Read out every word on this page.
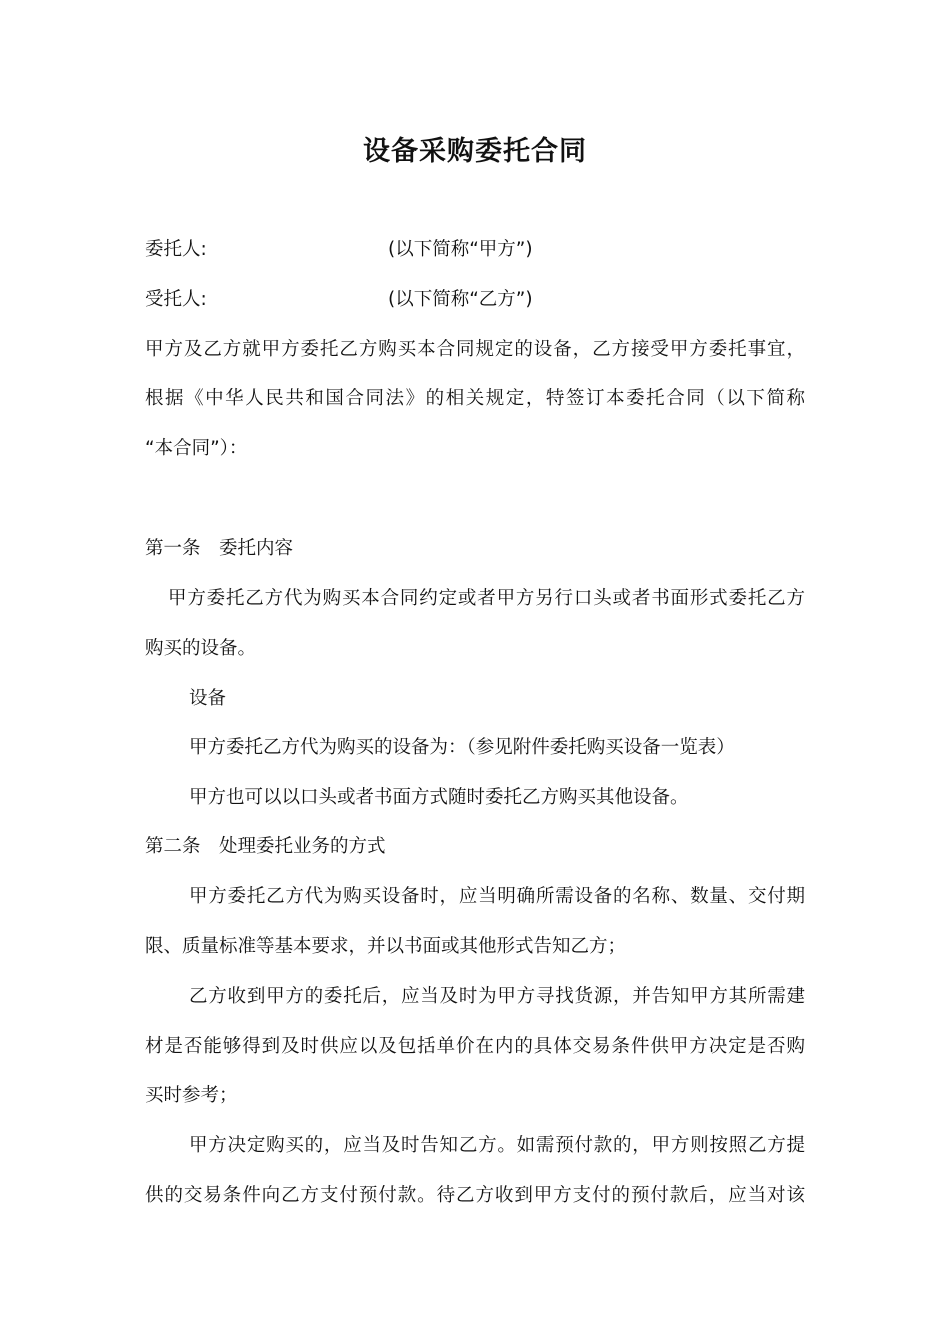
设备采购委托合同
委托人:	(以下简称“甲方”)
受托人:	(以下简称“乙方”)
甲方及乙方就甲方委托乙方购买本合同规定的设备，乙方接受甲方委托事宜，
根据《中华人民共和国合同法》的相关规定，特签订本委托合同（以下简称
“本合同”）：
第一条　委托内容
甲方委托乙方代为购买本合同约定或者甲方另行口头或者书面形式委托乙方
购买的设备。
设备
甲方委托乙方代为购买的设备为：（参见附件委托购买设备一览表）
甲方也可以以口头或者书面方式随时委托乙方购买其他设备。
第二条　处理委托业务的方式
甲方委托乙方代为购买设备时，应当明确所需设备的名称、数量、交付期
限、质量标准等基本要求，并以书面或其他形式告知乙方；
乙方收到甲方的委托后，应当及时为甲方寻找货源，并告知甲方其所需建
材是否能够得到及时供应以及包括单价在内的具体交易条件供甲方决定是否购
买时参考；
甲方决定购买的，应当及时告知乙方。如需预付款的，甲方则按照乙方提
供的交易条件向乙方支付预付款。待乙方收到甲方支付的预付款后，应当对该
